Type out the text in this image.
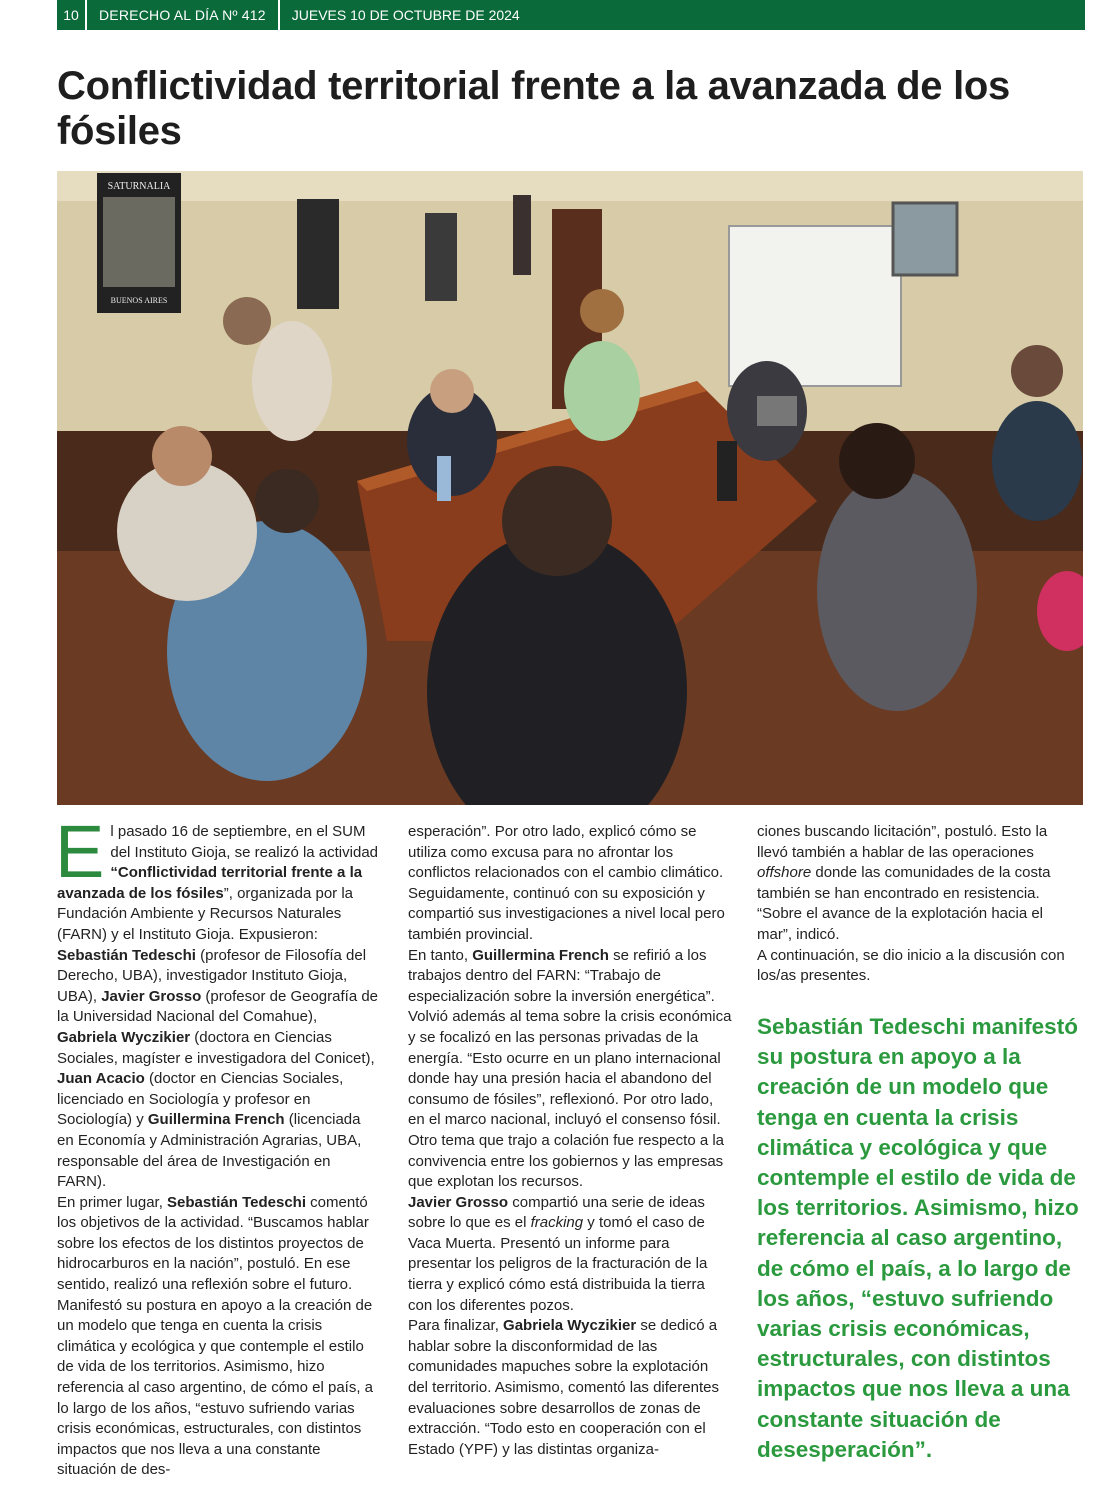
10	DERECHO AL DÍA Nº 412	JUEVES 10 DE OCTUBRE DE 2024
Conflictividad territorial frente a la avanzada de los fósiles
SATURNALIA
BUENOS AIRES

El pasado 16 de septiembre, en el SUM del Instituto Gioja, se realizó la actividad “Conflictividad territorial frente a la avanzada de los fósiles”, organizada por la Fundación Ambiente y Recursos Naturales (FARN) y el Instituto Gioja. Expusieron: Sebastián Tedeschi (profesor de Filosofía del Derecho, UBA), investigador Instituto Gioja, UBA), Javier Grosso (profesor de Geografía de la Universidad Nacional del Comahue), Gabriela Wyczikier (doctora en Ciencias Sociales, magíster e investigadora del Conicet), Juan Acacio (doctor en Ciencias Sociales, licenciado en Sociología y profesor en Sociología) y Guillermina French (licenciada en Economía y Administración Agrarias, UBA, responsable del área de Investigación en FARN).

En primer lugar, Sebastián Tedeschi comentó los objetivos de la actividad. “Buscamos hablar sobre los efectos de los distintos proyectos de hidrocarburos en la nación”, postuló. En ese sentido, realizó una reflexión sobre el futuro. Manifestó su postura en apoyo a la creación de un modelo que tenga en cuenta la crisis climática y ecológica y que contemple el estilo de vida de los territorios. Asimismo, hizo referencia al caso argentino, de cómo el país, a lo largo de los años, “estuvo sufriendo varias crisis económicas, estructurales, con distintos impactos que nos lleva a una constante situación de des-

esperación”. Por otro lado, explicó cómo se utiliza como excusa para no afrontar los conflictos relacionados con el cambio climático. Seguidamente, continuó con su exposición y compartió sus investigaciones a nivel local pero también provincial.

En tanto, Guillermina French se refirió a los trabajos dentro del FARN: “Trabajo de especialización sobre la inversión energética”. Volvió además al tema sobre la crisis económica y se focalizó en las personas privadas de la energía. “Esto ocurre en un plano internacional donde hay una presión hacia el abandono del consumo de fósiles”, reflexionó. Por otro lado, en el marco nacional, incluyó el consenso fósil. Otro tema que trajo a colación fue respecto a la convivencia entre los gobiernos y las empresas que explotan los recursos.

Javier Grosso compartió una serie de ideas sobre lo que es el fracking y tomó el caso de Vaca Muerta. Presentó un informe para presentar los peligros de la fracturación de la tierra y explicó cómo está distribuida la tierra con los diferentes pozos.

Para finalizar, Gabriela Wyczikier se dedicó a hablar sobre la disconformidad de las comunidades mapuches sobre la explotación del territorio. Asimismo, comentó las diferentes evaluaciones sobre desarrollos de zonas de extracción. “Todo esto en cooperación con el Estado (YPF) y las distintas organiza-

ciones buscando licitación”, postuló. Esto la llevó también a hablar de las operaciones offshore donde las comunidades de la costa también se han encontrado en resistencia. “Sobre el avance de la explotación hacia el mar”, indicó.

A continuación, se dio inicio a la discusión con los/as presentes.

Sebastián Tedeschi manifestó su postura en apoyo a la creación de un modelo que tenga en cuenta la crisis climática y ecológica y que contemple el estilo de vida de los territorios. Asimismo, hizo referencia al caso argentino, de cómo el país, a lo largo de los años, “estuvo sufriendo varias crisis económicas, estructurales, con distintos impactos que nos lleva a una constante situación de desesperación”.
